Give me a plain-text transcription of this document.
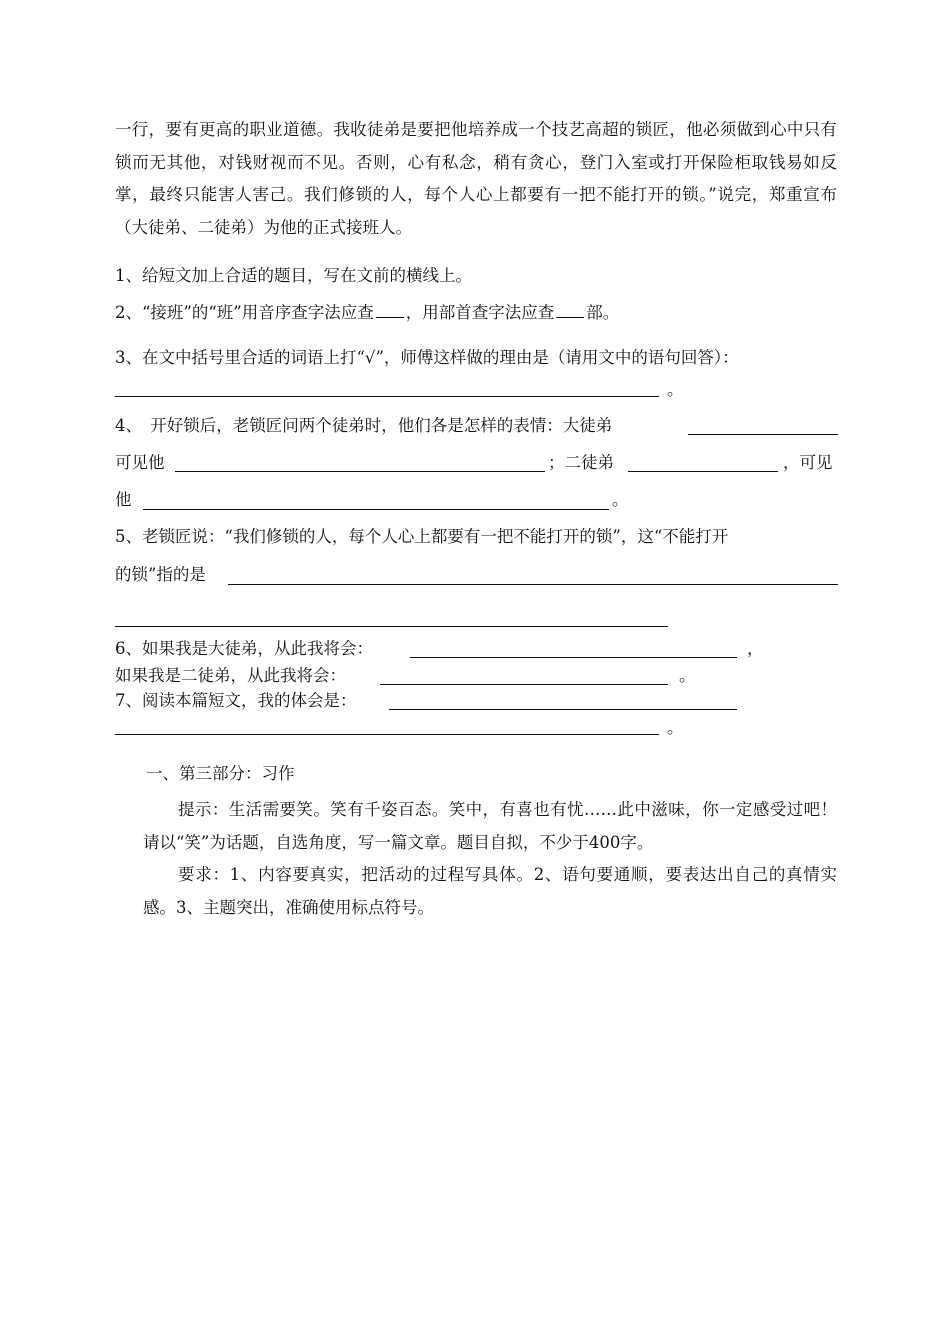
一行，要有更高的职业道德。我收徒弟是要把他培养成一个技艺高超的锁匠，他必须做到心中只有锁而无其他，对钱财视而不见。否则，心有私念，稍有贪心，登门入室或打开保险柜取钱易如反掌，最终只能害人害己。我们修锁的人，每个人心上都要有一把不能打开的锁。”说完，郑重宣布（大徒弟、二徒弟）为他的正式接班人。
1、给短文加上合适的题目，写在文前的横线上。
2、“接班”的“班”用音序查字法应查 ，用部首查字法应查 部。
3、在文中括号里合适的词语上打“√”，师傅这样做的理由是（请用文中的语句回答）：
。
4、　开好锁后，老锁匠问两个徒弟时，他们各是怎样的表情：大徒弟
可见他	；二徒弟	，可见
他	。
5、老锁匠说：“我们修锁的人，每个人心上都要有一把不能打开的锁”，这“不能打开
的锁”指的是
6、如果我是大徒弟，从此我将会：	，
如果我是二徒弟，从此我将会：	。
7、阅读本篇短文，我的体会是：
。
一、第三部分：习作
提示：生活需要笑。笑有千姿百态。笑中，有喜也有忧……此中滋味，你一定感受过吧！请以“笑”为话题，自选角度，写一篇文章。题目自拟，不少于400字。
要求：1、内容要真实，把活动的过程写具体。2、语句要通顺，要表达出自己的真情实感。3、主题突出，准确使用标点符号。
